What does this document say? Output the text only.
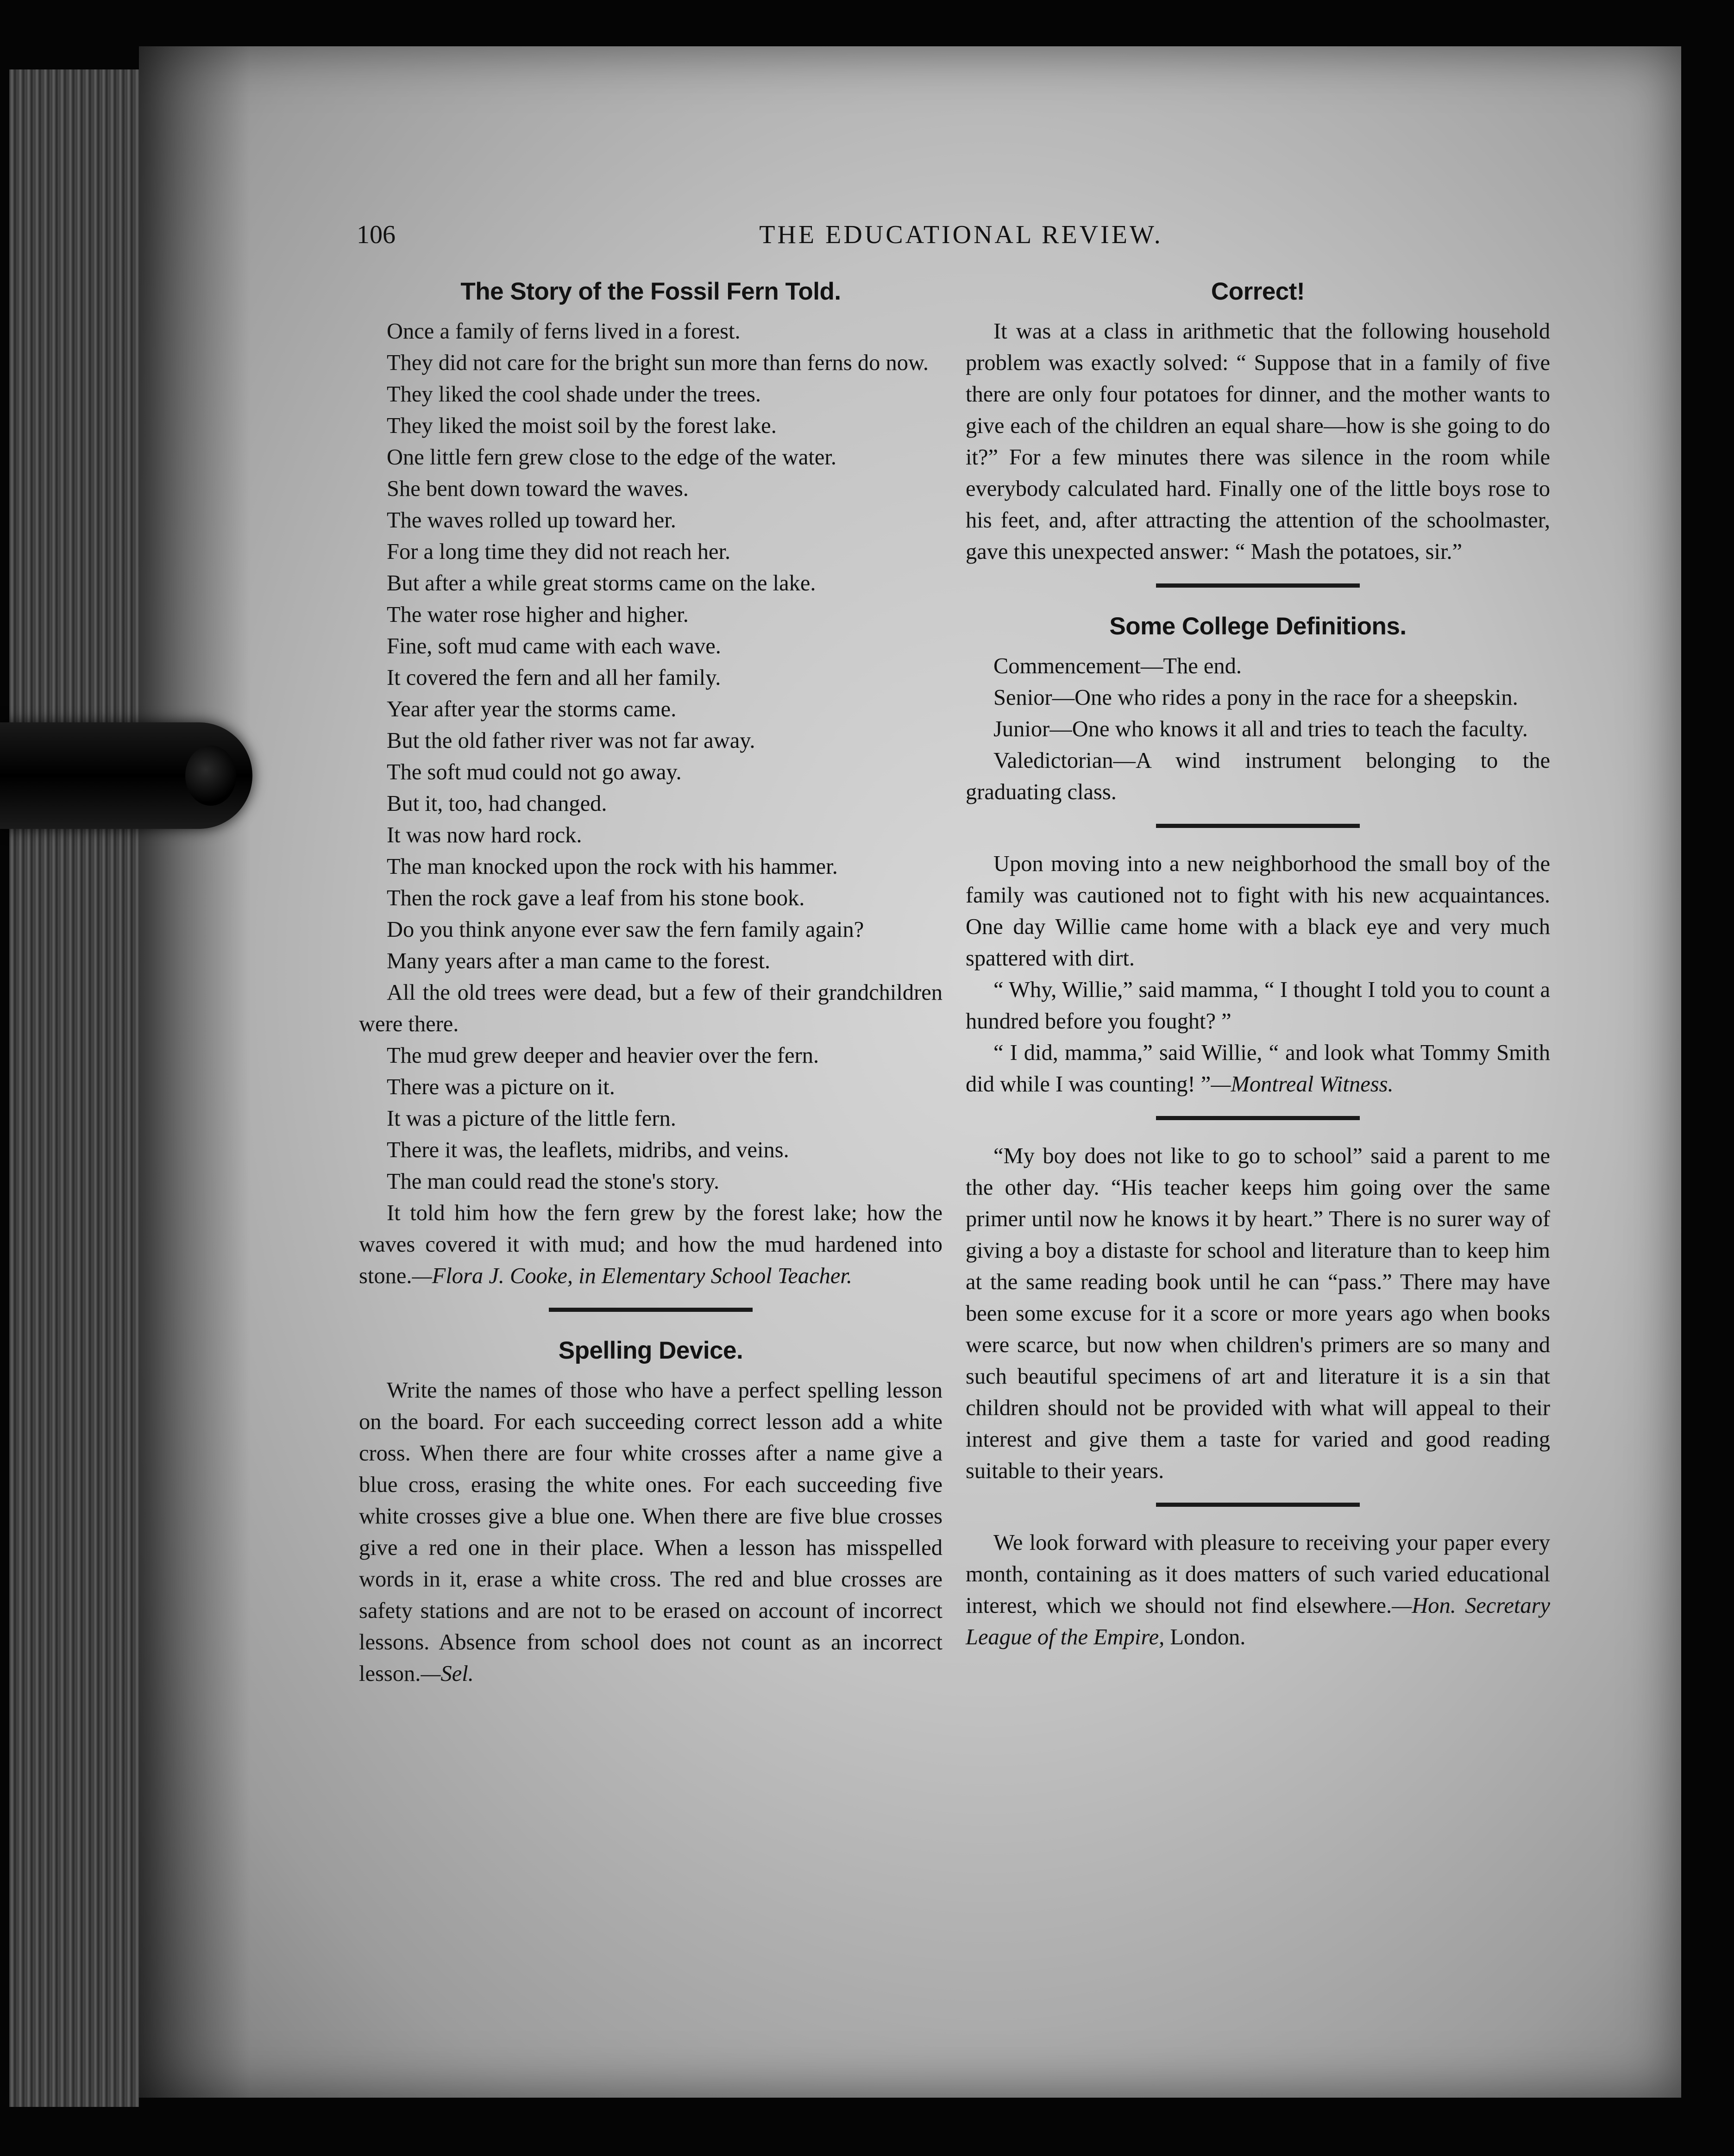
106	THE EDUCATIONAL REVIEW.
The Story of the Fossil Fern Told.

Once a family of ferns lived in a forest.

They did not care for the bright sun more than ferns do now.

They liked the cool shade under the trees.

They liked the moist soil by the forest lake.

One little fern grew close to the edge of the water.

She bent down toward the waves.

The waves rolled up toward her.

For a long time they did not reach her.

But after a while great storms came on the lake.

The water rose higher and higher.

Fine, soft mud came with each wave.

It covered the fern and all her family.

Year after year the storms came.

But the old father river was not far away.

The soft mud could not go away.

But it, too, had changed.

It was now hard rock.

The man knocked upon the rock with his hammer.

Then the rock gave a leaf from his stone book.

Do you think anyone ever saw the fern family again?

Many years after a man came to the forest.

All the old trees were dead, but a few of their grandchildren were there.

The mud grew deeper and heavier over the fern.

There was a picture on it.

It was a picture of the little fern.

There it was, the leaflets, midribs, and veins.

The man could read the stone's story.

It told him how the fern grew by the forest lake; how the waves covered it with mud; and how the mud hardened into stone.—Flora J. Cooke, in Elementary School Teacher.

Spelling Device.

Write the names of those who have a perfect spelling lesson on the board. For each succeeding correct lesson add a white cross. When there are four white crosses after a name give a blue cross, erasing the white ones. For each succeeding five white crosses give a blue one. When there are five blue crosses give a red one in their place. When a lesson has misspelled words in it, erase a white cross. The red and blue crosses are safety stations and are not to be erased on account of incorrect lessons. Absence from school does not count as an incorrect lesson.—Sel.

Correct!

It was at a class in arithmetic that the following household problem was exactly solved: “ Suppose that in a family of five there are only four potatoes for dinner, and the mother wants to give each of the children an equal share—how is she going to do it?” For a few minutes there was silence in the room while everybody calculated hard. Finally one of the little boys rose to his feet, and, after attracting the attention of the schoolmaster, gave this unexpected answer: “ Mash the potatoes, sir.”

Some College Definitions.

Commencement—The end.

Senior—One who rides a pony in the race for a sheepskin.

Junior—One who knows it all and tries to teach the faculty.

Valedictorian—A wind instrument belonging to the graduating class.

Upon moving into a new neighborhood the small boy of the family was cautioned not to fight with his new acquaintances. One day Willie came home with a black eye and very much spattered with dirt.

“ Why, Willie,” said mamma, “ I thought I told you to count a hundred before you fought? ”

“ I did, mamma,” said Willie, “ and look what Tommy Smith did while I was counting! ”—Montreal Witness.

“My boy does not like to go to school” said a parent to me the other day. “His teacher keeps him going over the same primer until now he knows it by heart.” There is no surer way of giving a boy a distaste for school and literature than to keep him at the same reading book until he can “pass.” There may have been some excuse for it a score or more years ago when books were scarce, but now when children's primers are so many and such beautiful specimens of art and literature it is a sin that children should not be provided with what will appeal to their interest and give them a taste for varied and good reading suitable to their years.

We look forward with pleasure to receiving your paper every month, containing as it does matters of such varied educational interest, which we should not find elsewhere.—Hon. Secretary League of the Empire, London.
